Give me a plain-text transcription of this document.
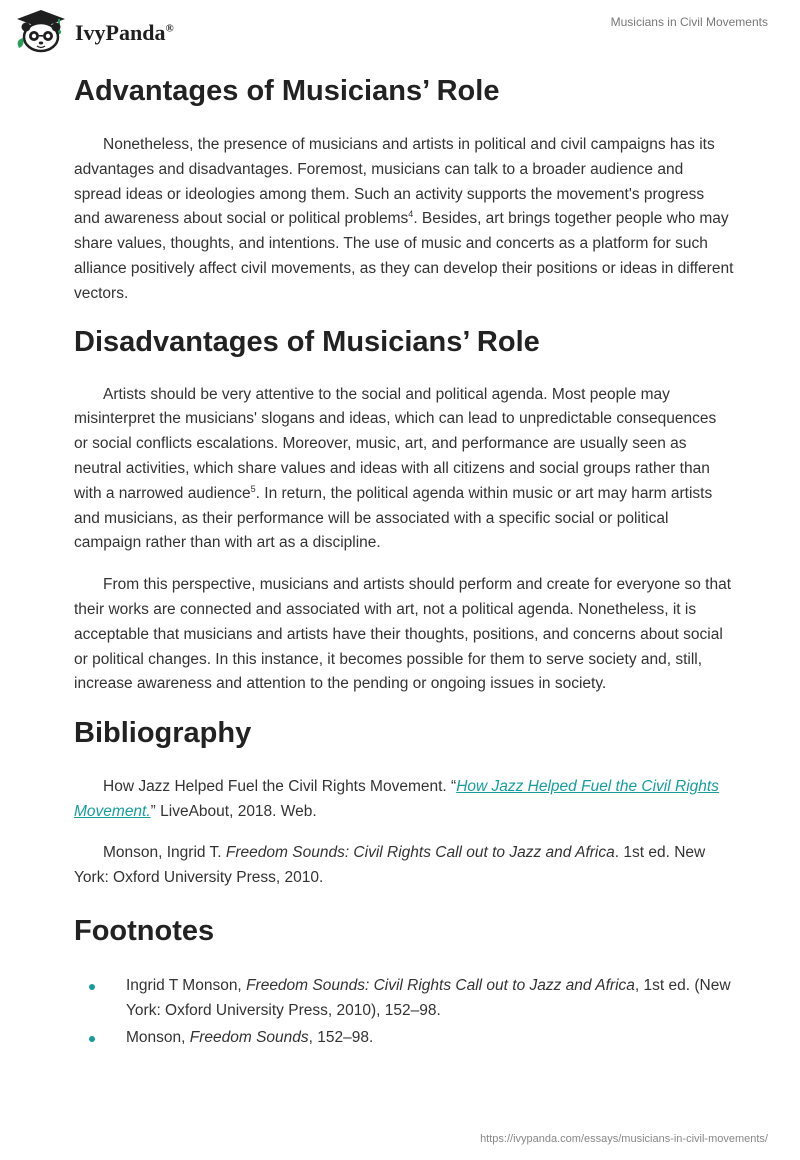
IvyPanda®	Musicians in Civil Movements
Advantages of Musicians’ Role

Nonetheless, the presence of musicians and artists in political and civil campaigns has its advantages and disadvantages. Foremost, musicians can talk to a broader audience and spread ideas or ideologies among them. Such an activity supports the movement's progress and awareness about social or political problems$^4$. Besides, art brings together people who may share values, thoughts, and intentions. The use of music and concerts as a platform for such alliance positively affect civil movements, as they can develop their positions or ideas in different vectors.

Disadvantages of Musicians’ Role

Artists should be very attentive to the social and political agenda. Most people may misinterpret the musicians' slogans and ideas, which can lead to unpredictable consequences or social conflicts escalations. Moreover, music, art, and performance are usually seen as neutral activities, which share values and ideas with all citizens and social groups rather than with a narrowed audience$^5$. In return, the political agenda within music or art may harm artists and musicians, as their performance will be associated with a specific social or political campaign rather than with art as a discipline.

From this perspective, musicians and artists should perform and create for everyone so that their works are connected and associated with art, not a political agenda. Nonetheless, it is acceptable that musicians and artists have their thoughts, positions, and concerns about social or political changes. In this instance, it becomes possible for them to serve society and, still, increase awareness and attention to the pending or ongoing issues in society.

Bibliography

How Jazz Helped Fuel the Civil Rights Movement. “How Jazz Helped Fuel the Civil Rights Movement.” LiveAbout, 2018. Web.

Monson, Ingrid T. Freedom Sounds: Civil Rights Call out to Jazz and Africa. 1st ed. New York: Oxford University Press, 2010.

Footnotes
Ingrid T Monson, Freedom Sounds: Civil Rights Call out to Jazz and Africa, 1st ed. (New York: Oxford University Press, 2010), 152–98.
Monson, Freedom Sounds, 152–98.
https://ivypanda.com/essays/musicians-in-civil-movements/
